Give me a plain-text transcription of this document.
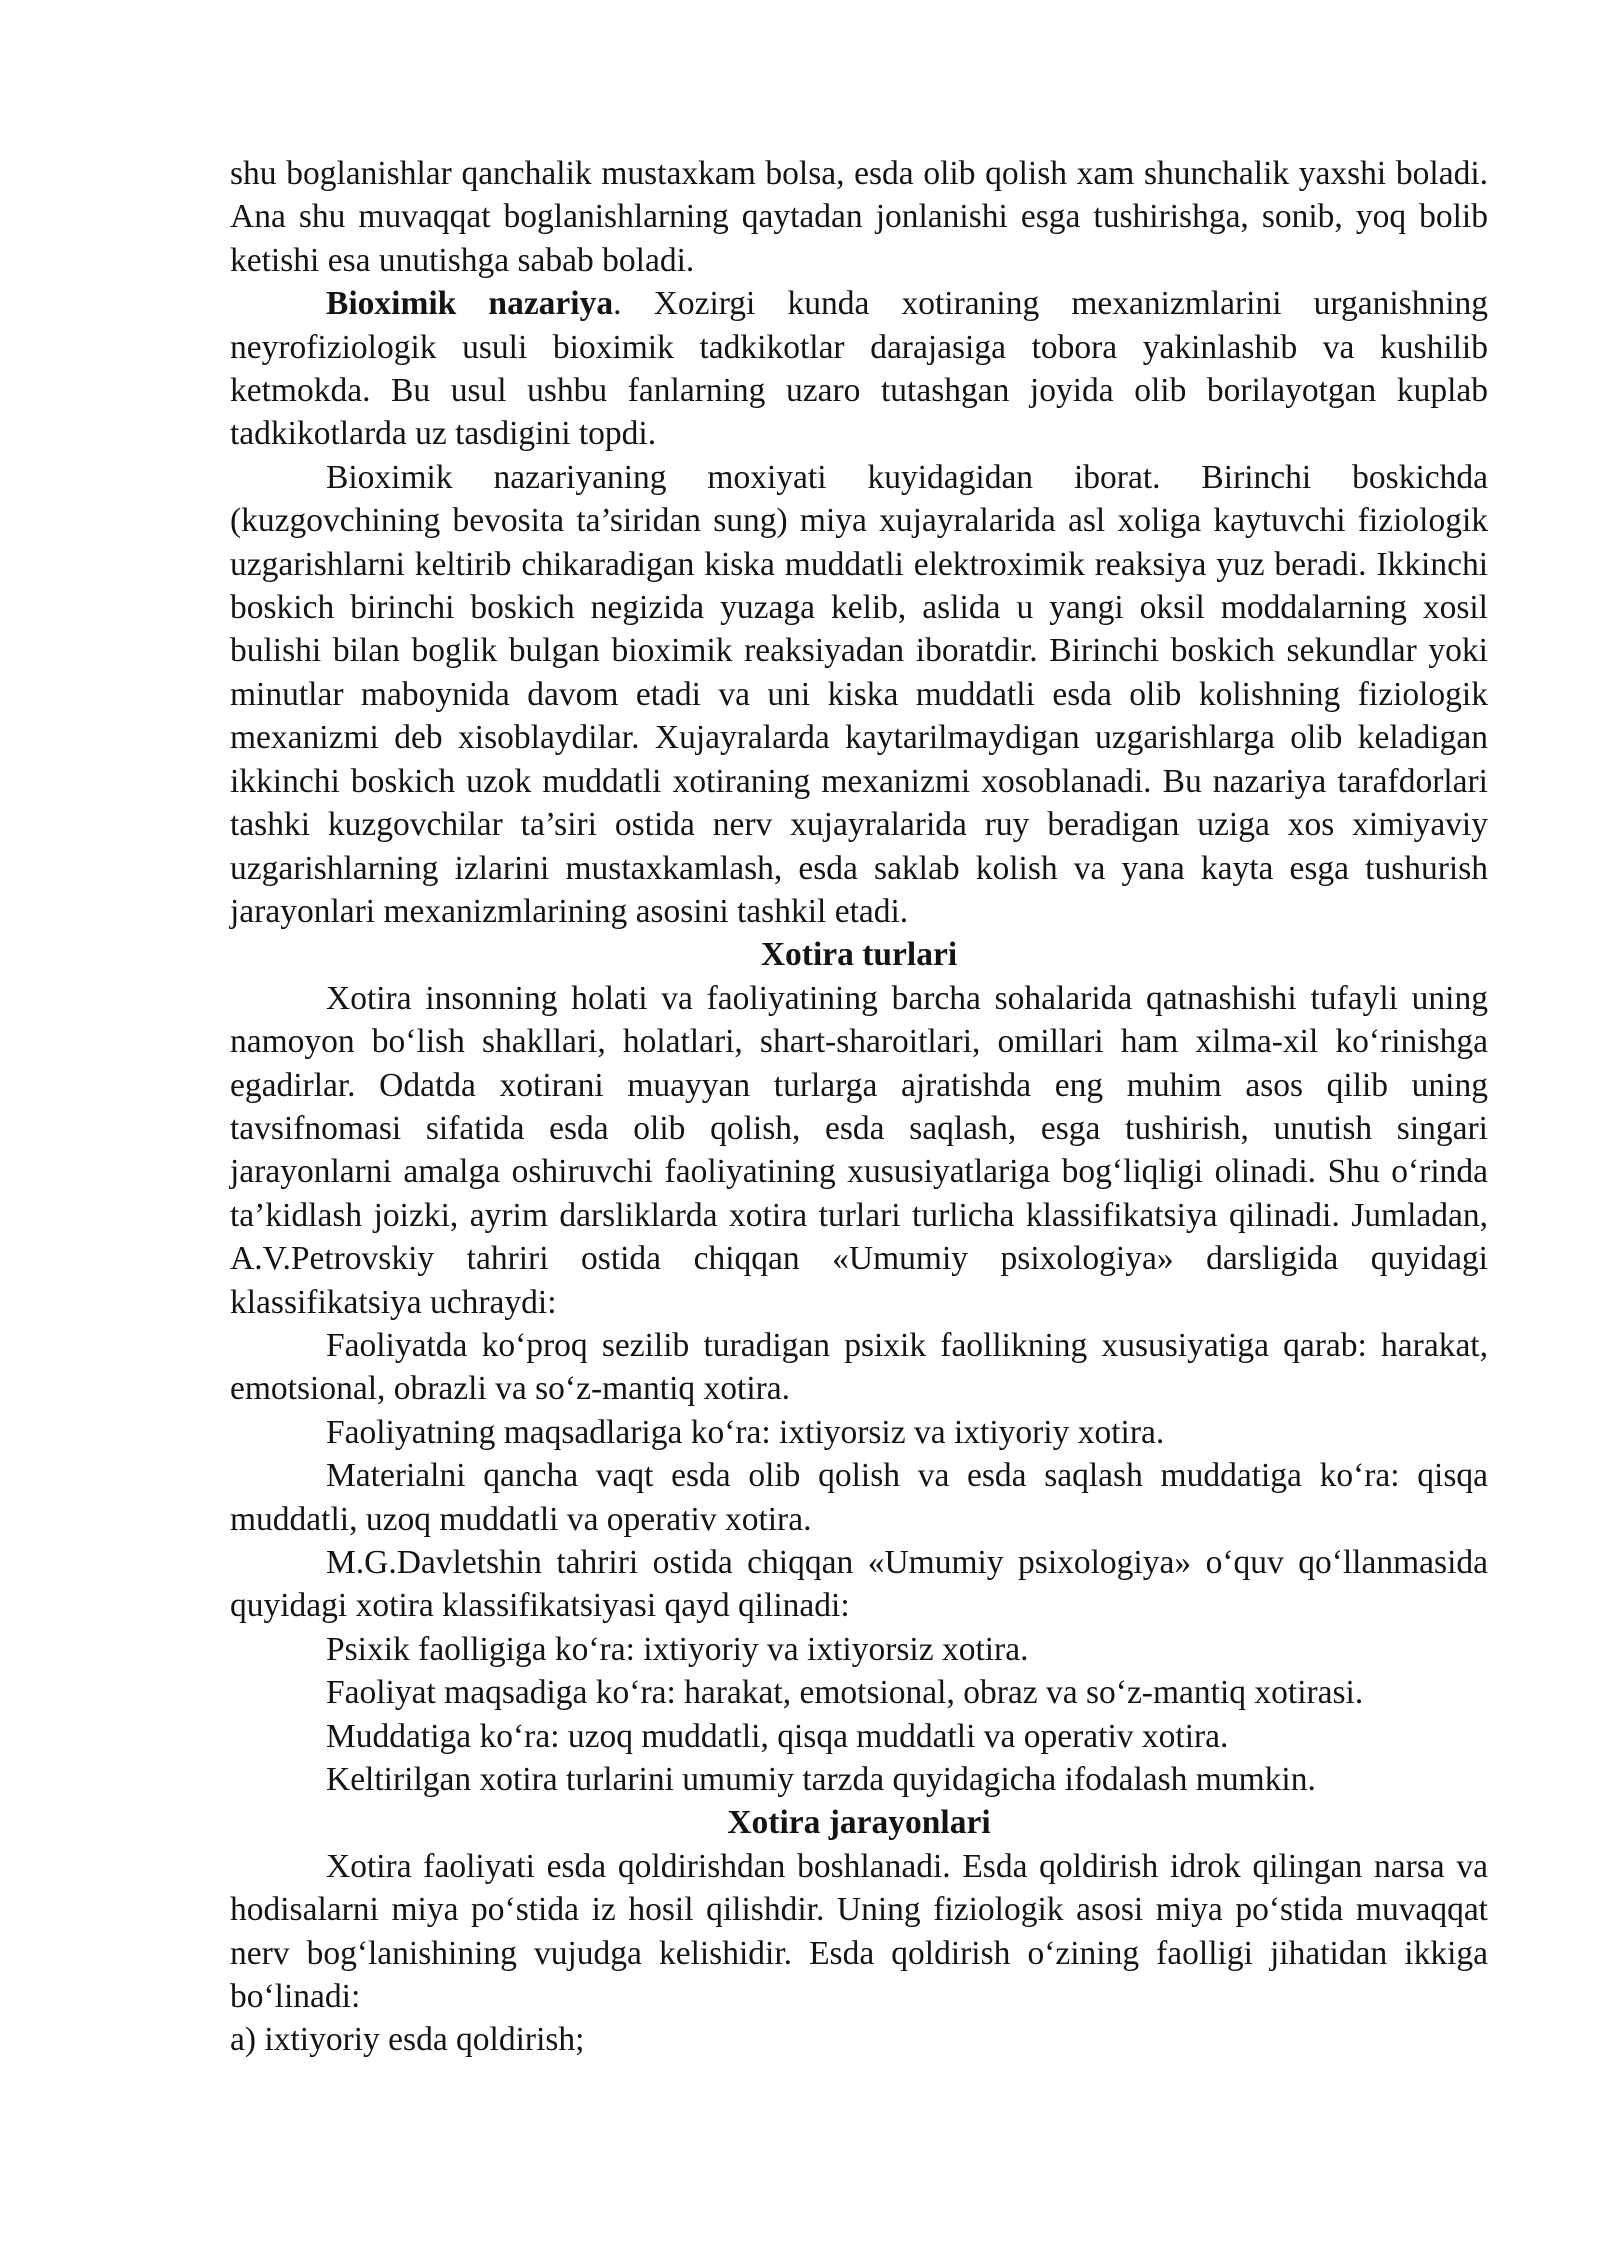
shu boglanishlar qanchalik mustaxkam bolsa, esda olib qolish xam shunchalik yaxshi boladi. Ana shu muvaqqat boglanishlarning qaytadan jonlanishi esga tushirishga, sonib, yoq bolib ketishi esa unutishga sabab boladi.

Bioximik nazariya. Xozirgi kunda xotiraning mexanizmlarini urganishning neyrofiziologik usuli bioximik tadkikotlar darajasiga tobora yakinlashib va kushilib ketmokda. Bu usul ushbu fanlarning uzaro tutashgan joyida olib borilayotgan kuplab tadkikotlarda uz tasdigini topdi.

Bioximik nazariyaning moxiyati kuyidagidan iborat. Birinchi boskichda (kuzgovchining bevosita ta’siridan sung) miya xujayralarida asl xoliga kaytuvchi fiziologik uzgarishlarni keltirib chikaradigan kiska muddatli elektroximik reaksiya yuz beradi. Ikkinchi boskich birinchi boskich negizida yuzaga kelib, aslida u yangi oksil moddalarning xosil bulishi bilan boglik bulgan bioximik reaksiyadan iboratdir. Birinchi boskich sekundlar yoki minutlar maboynida davom etadi va uni kiska muddatli esda olib kolishning fiziologik mexanizmi deb xisoblaydilar. Xujayralarda kaytarilmaydigan uzgarishlarga olib keladigan ikkinchi boskich uzok muddatli xotiraning mexanizmi xosoblanadi. Bu nazariya tarafdorlari tashki kuzgovchilar ta’siri ostida nerv xujayralarida ruy beradigan uziga xos ximiyaviy uzgarishlarning izlarini mustaxkamlash, esda saklab kolish va yana kayta esga tushurish jarayonlari mexanizmlarining asosini tashkil etadi.

Xotira turlari

Xotira insonning holati va faoliyatining barcha sohalarida qatnashishi tufayli uning namoyon bo‘lish shakllari, holatlari, shart-sharoitlari, omillari ham xilma-xil ko‘rinishga egadirlar. Odatda xotirani muayyan turlarga ajratishda eng muhim asos qilib uning tavsifnomasi sifatida esda olib qolish, esda saqlash, esga tushirish, unutish singari jarayonlarni amalga oshiruvchi faoliyatining xususiyatlariga bog‘liqligi olinadi. Shu o‘rinda ta’kidlash joizki, ayrim darsliklarda xotira turlari turlicha klassifikatsiya qilinadi. Jumladan, A.V.Petrovskiy tahriri ostida chiqqan «Umumiy psixologiya» darsligida quyidagi klassifikatsiya uchraydi:

Faoliyatda ko‘proq sezilib turadigan psixik faollikning xususiyatiga qarab: harakat, emotsional, obrazli va so‘z-mantiq xotira.

Faoliyatning maqsadlariga ko‘ra: ixtiyorsiz va ixtiyoriy xotira.

Materialni qancha vaqt esda olib qolish va esda saqlash muddatiga ko‘ra: qisqa muddatli, uzoq muddatli va operativ xotira.

M.G.Davletshin tahriri ostida chiqqan «Umumiy psixologiya» o‘quv qo‘llanmasida quyidagi xotira klassifikatsiyasi qayd qilinadi:

Psixik faolligiga ko‘ra: ixtiyoriy va ixtiyorsiz xotira.

Faoliyat maqsadiga ko‘ra: harakat, emotsional, obraz va so‘z-mantiq xotirasi.

Muddatiga ko‘ra: uzoq muddatli, qisqa muddatli va operativ xotira.

Keltirilgan xotira turlarini umumiy tarzda quyidagicha ifodalash mumkin.

Xotira jarayonlari

Xotira faoliyati esda qoldirishdan boshlanadi. Esda qoldirish idrok qilingan narsa va hodisalarni miya po‘stida iz hosil qilishdir. Uning fiziologik asosi miya po‘stida muvaqqat nerv bog‘lanishining vujudga kelishidir. Esda qoldirish o‘zining faolligi jihatidan ikkiga bo‘linadi:

a) ixtiyoriy esda qoldirish;
